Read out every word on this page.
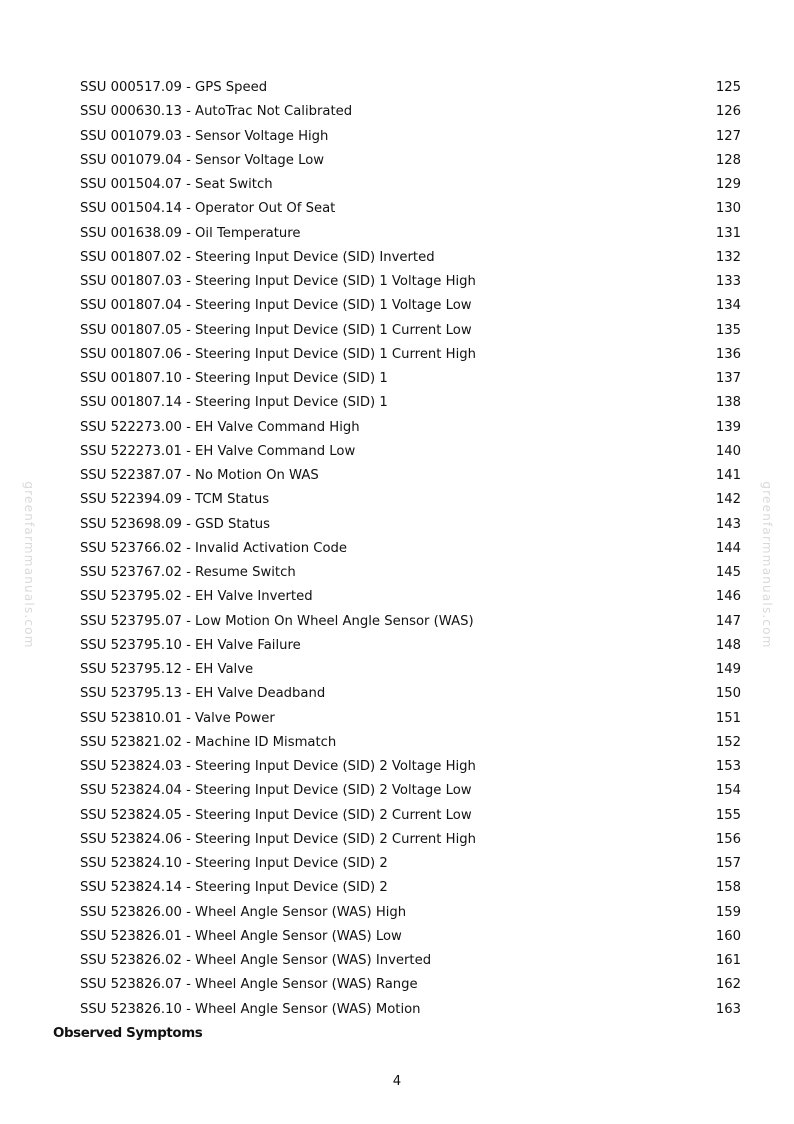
greenfarmmanuals.com	greenfarmmanuals.com
SSU 000517.09 - GPS Speed	125
SSU 000630.13 - AutoTrac Not Calibrated	126
SSU 001079.03 - Sensor Voltage High	127
SSU 001079.04 - Sensor Voltage Low	128
SSU 001504.07 - Seat Switch	129
SSU 001504.14 - Operator Out Of Seat	130
SSU 001638.09 - Oil Temperature	131
SSU 001807.02 - Steering Input Device (SID) Inverted	132
SSU 001807.03 - Steering Input Device (SID) 1 Voltage High	133
SSU 001807.04 - Steering Input Device (SID) 1 Voltage Low	134
SSU 001807.05 - Steering Input Device (SID) 1 Current Low	135
SSU 001807.06 - Steering Input Device (SID) 1 Current High	136
SSU 001807.10 - Steering Input Device (SID) 1	137
SSU 001807.14 - Steering Input Device (SID) 1	138
SSU 522273.00 - EH Valve Command High	139
SSU 522273.01 - EH Valve Command Low	140
SSU 522387.07 - No Motion On WAS	141
SSU 522394.09 - TCM Status	142
SSU 523698.09 - GSD Status	143
SSU 523766.02 - Invalid Activation Code	144
SSU 523767.02 - Resume Switch	145
SSU 523795.02 - EH Valve Inverted	146
SSU 523795.07 - Low Motion On Wheel Angle Sensor (WAS)	147
SSU 523795.10 - EH Valve Failure	148
SSU 523795.12 - EH Valve	149
SSU 523795.13 - EH Valve Deadband	150
SSU 523810.01 - Valve Power	151
SSU 523821.02 - Machine ID Mismatch	152
SSU 523824.03 - Steering Input Device (SID) 2 Voltage High	153
SSU 523824.04 - Steering Input Device (SID) 2 Voltage Low	154
SSU 523824.05 - Steering Input Device (SID) 2 Current Low	155
SSU 523824.06 - Steering Input Device (SID) 2 Current High	156
SSU 523824.10 - Steering Input Device (SID) 2	157
SSU 523824.14 - Steering Input Device (SID) 2	158
SSU 523826.00 - Wheel Angle Sensor (WAS) High	159
SSU 523826.01 - Wheel Angle Sensor (WAS) Low	160
SSU 523826.02 - Wheel Angle Sensor (WAS) Inverted	161
SSU 523826.07 - Wheel Angle Sensor (WAS) Range	162
SSU 523826.10 - Wheel Angle Sensor (WAS) Motion	163
Observed Symptoms
4
